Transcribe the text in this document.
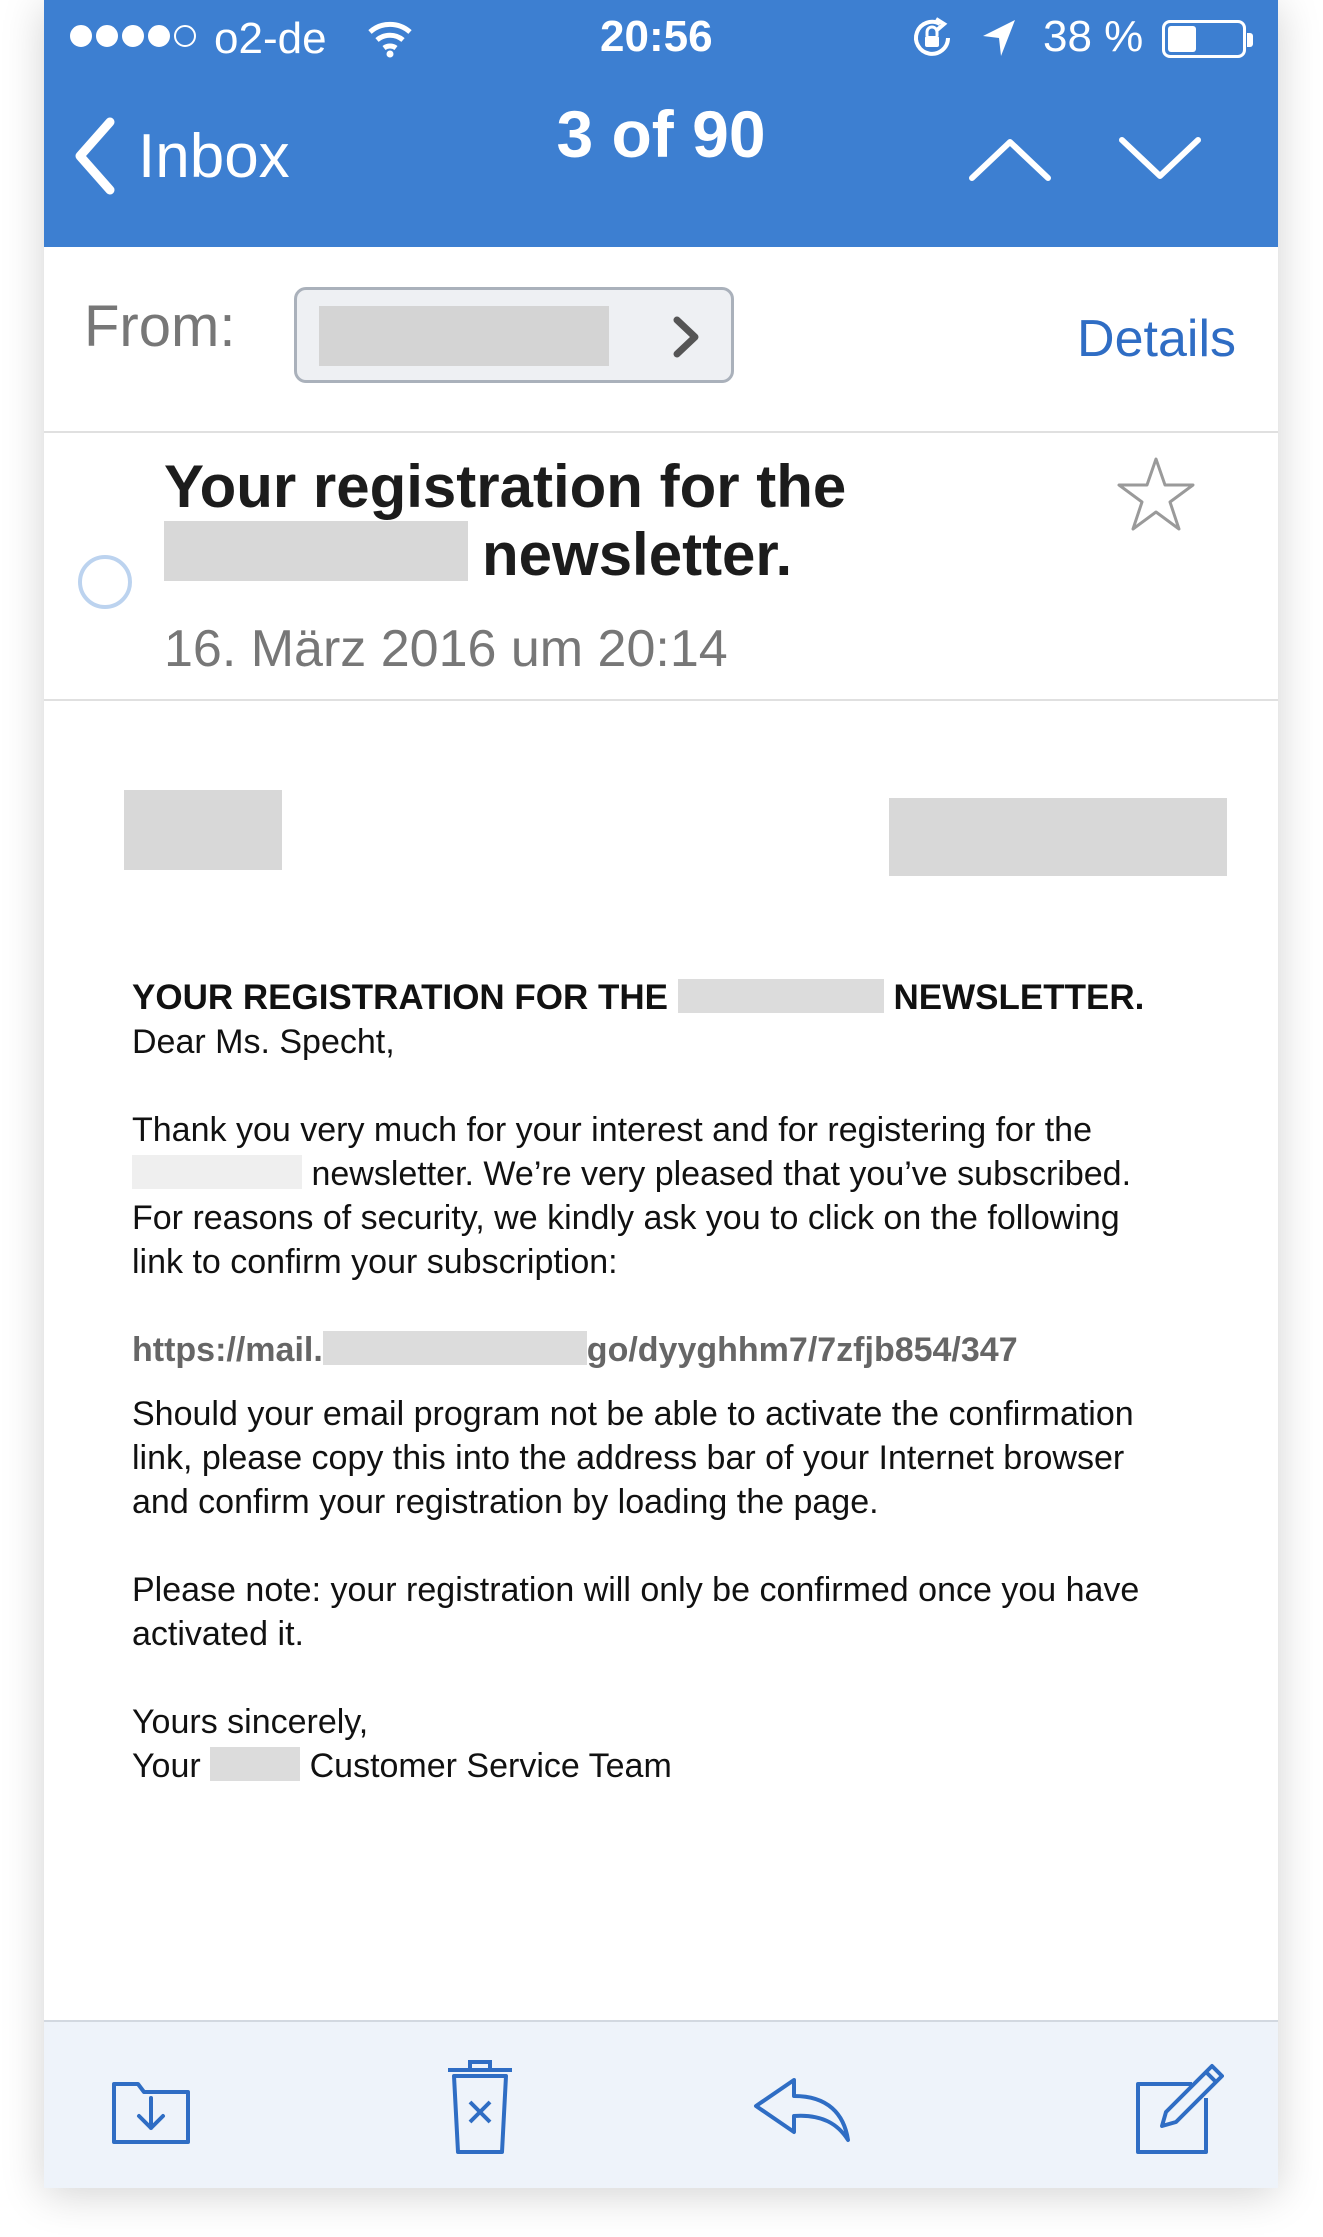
o2-de	20:56	38 %
Inbox	3 of 90
From:	Details
Your registration for the
newsletter.
16. März 2016 um 20:14

YOUR REGISTRATION FOR THE	NEWSLETTER.

Dear Ms. Specht,

Thank you very much for your interest and for registering for the  newsletter. We’re very pleased that you’ve subscribed. For reasons of security, we kindly ask you to click on the following link to confirm your subscription:

https://mail.	go/dyyghhm7/7zfjb854/347

Should your email program not be able to activate the confirmation link, please copy this into the address bar of your Internet browser and confirm your registration by loading the page.

Please note: your registration will only be confirmed once you have activated it.

Yours sincerely,

Your	Customer Service Team
